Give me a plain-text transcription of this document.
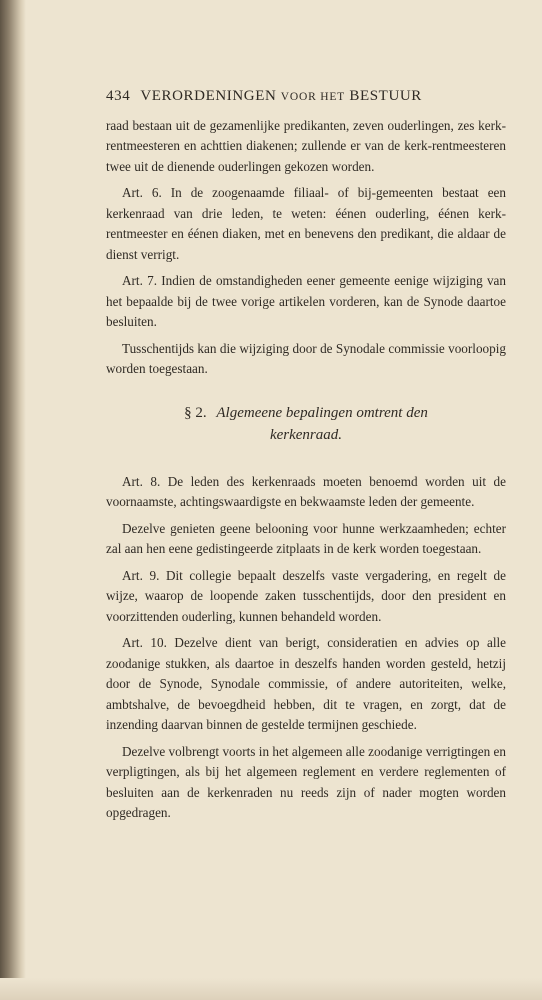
434 VERORDENINGEN VOOR HET BESTUUR

raad bestaan uit de gezamenlijke predikanten, zeven ouderlingen, zes kerk-rentmeesteren en achttien diakenen; zullende er van de kerk-rentmeesteren twee uit de dienende ouderlingen gekozen worden.

Art. 6. In de zoogenaamde filiaal- of bij-gemeenten bestaat een kerkenraad van drie leden, te weten: éénen ouderling, éénen kerk-rentmeester en éénen diaken, met en benevens den predikant, die aldaar de dienst verrigt.

Art. 7. Indien de omstandigheden eener gemeente eenige wijziging van het bepaalde bij de twee vorige artikelen vorderen, kan de Synode daartoe besluiten.

Tusschentijds kan die wijziging door de Synodale commissie voorloopig worden toegestaan.

§ 2. Algemeene bepalingen omtrent den
kerkenraad.

Art. 8. De leden des kerkenraads moeten benoemd worden uit de voornaamste, achtingswaardigste en bekwaamste leden der gemeente.

Dezelve genieten geene belooning voor hunne werkzaamheden; echter zal aan hen eene gedistingeerde zitplaats in de kerk worden toegestaan.

Art. 9. Dit collegie bepaalt deszelfs vaste vergadering, en regelt de wijze, waarop de loopende zaken tusschentijds, door den president en voorzittenden ouderling, kunnen behandeld worden.

Art. 10. Dezelve dient van berigt, consideratien en advies op alle zoodanige stukken, als daartoe in deszelfs handen worden gesteld, hetzij door de Synode, Synodale commissie, of andere autoriteiten, welke, ambtshalve, de bevoegdheid hebben, dit te vragen, en zorgt, dat de inzending daarvan binnen de gestelde termijnen geschiede.

Dezelve volbrengt voorts in het algemeen alle zoodanige verrigtingen en verpligtingen, als bij het algemeen reglement en verdere reglementen of besluiten aan de kerkenraden nu reeds zijn of nader mogten worden opgedragen.
